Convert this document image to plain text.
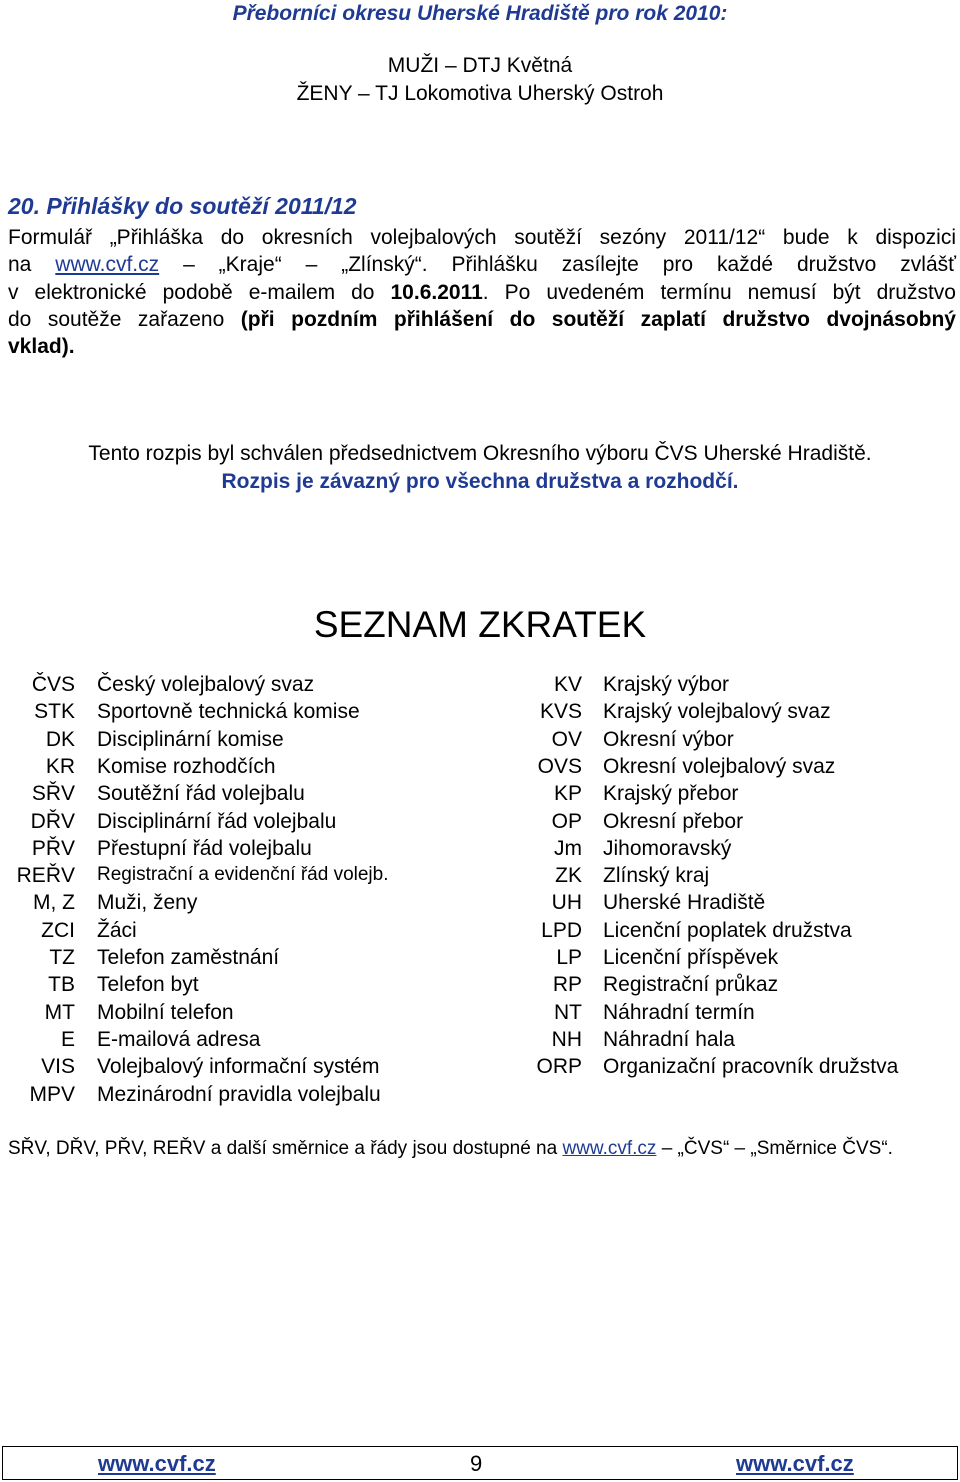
Přeborníci okresu Uherské Hradiště pro rok 2010:
MUŽI – DTJ Květná
ŽENY – TJ Lokomotiva Uherský Ostroh
20. Přihlášky do soutěží 2011/12
Formulář „Přihláška do okresních volejbalových soutěží sezóny 2011/12“ bude k dispozici
na www.cvf.cz – „Kraje“ – „Zlínský“. Přihlášku zasílejte pro každé družstvo zvlášť
v elektronické podobě e-mailem do 10.6.2011. Po uvedeném termínu nemusí být družstvo
do soutěže zařazeno (při pozdním přihlášení do soutěží zaplatí družstvo dvojnásobný
vklad).
Tento rozpis byl schválen předsednictvem Okresního výboru ČVS Uherské Hradiště.
Rozpis je závazný pro všechna družstva a rozhodčí.
SEZNAM ZKRATEK
ČVS Český volejbalový svaz	KV Krajský výbor
STK Sportovně technická komise	KVS Krajský volejbalový svaz
DK Disciplinární komise	OV Okresní výbor
KR Komise rozhodčích	OVS Okresní volejbalový svaz
SŘV Soutěžní řád volejbalu	KP Krajský přebor
DŘV Disciplinární řád volejbalu	OP Okresní přebor
PŘV Přestupní řád volejbalu	Jm Jihomoravský
REŘV Registrační a evidenční řád volejb.	ZK Zlínský kraj
M, Z Muži, ženy	UH Uherské Hradiště
ZCI Žáci	LPD Licenční poplatek družstva
TZ Telefon zaměstnání	LP Licenční příspěvek
TB Telefon byt	RP Registrační průkaz
MT Mobilní telefon	NT Náhradní termín
E E-mailová adresa	NH Náhradní hala
VIS Volejbalový informační systém	ORP Organizační pracovník družstva
MPV Mezinárodní pravidla volejbalu
SŘV, DŘV, PŘV, REŘV a další směrnice a řády jsou dostupné na www.cvf.cz – „ČVS“ – „Směrnice ČVS“.
www.cvf.cz	9	www.cvf.cz
